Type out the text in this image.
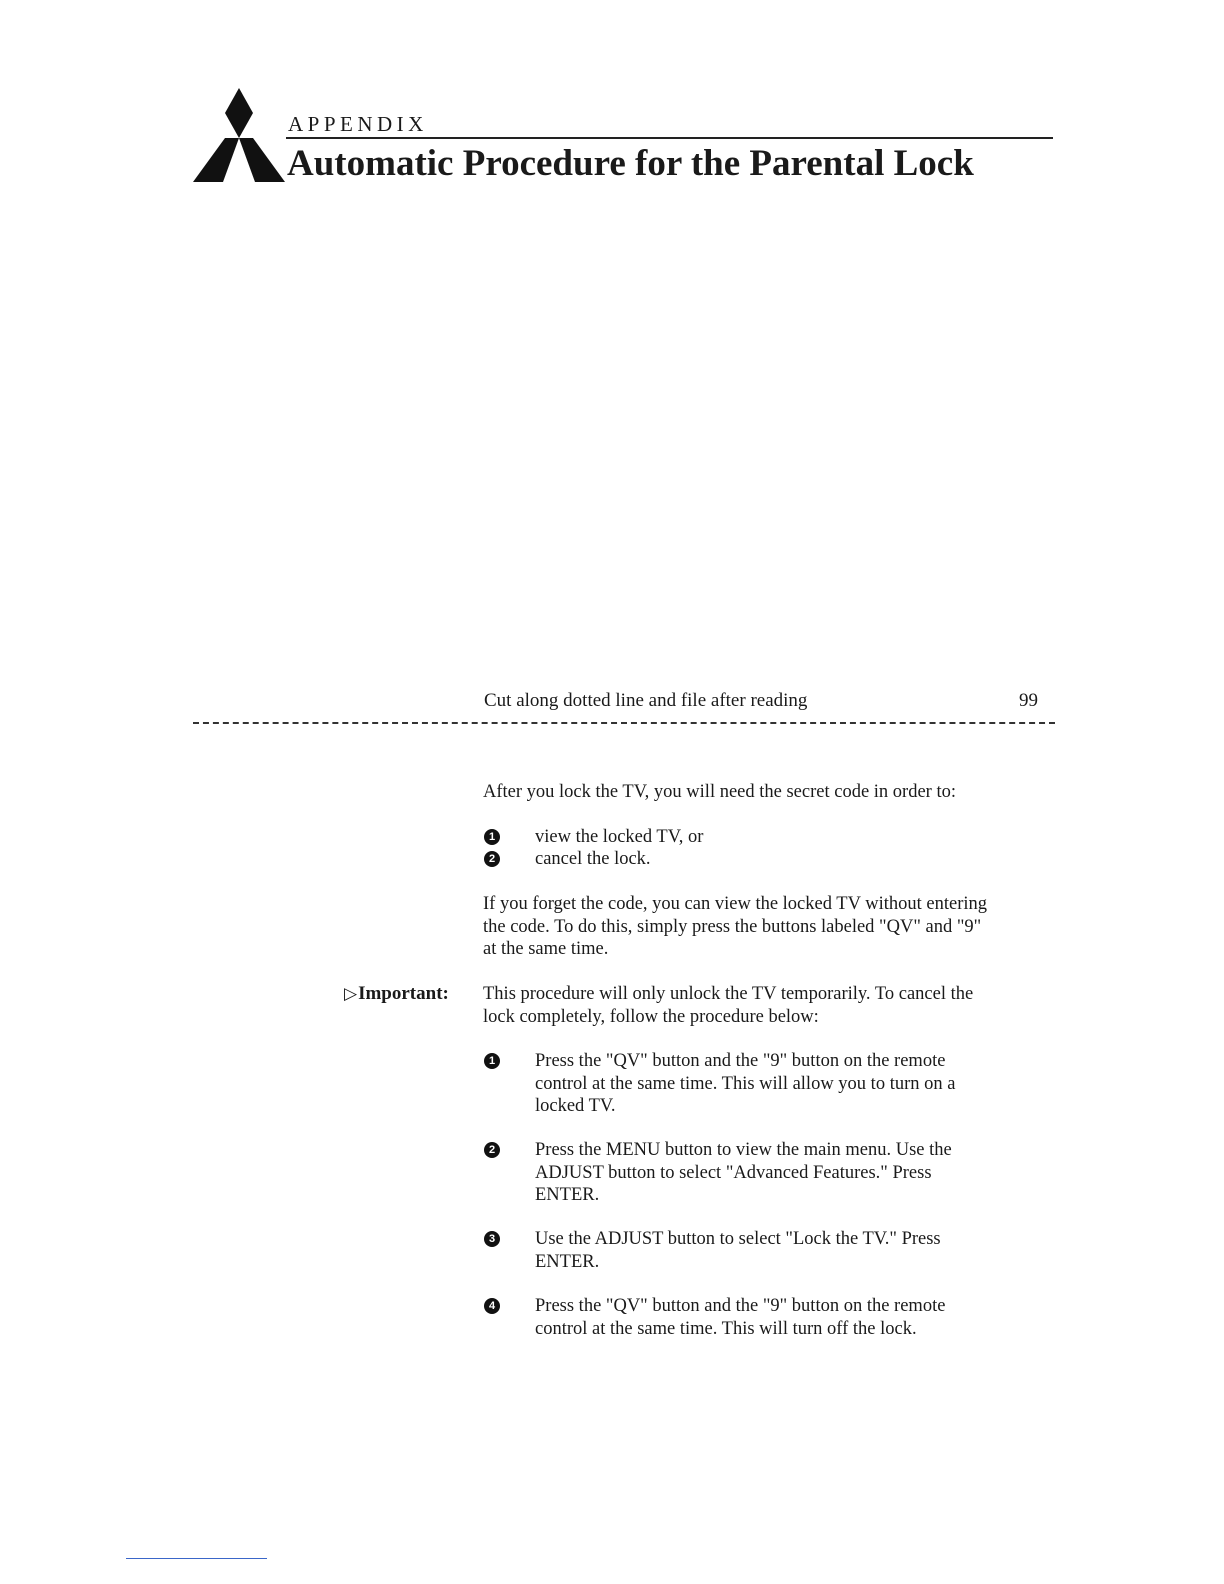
APPENDIX
Automatic Procedure for the Parental Lock
Cut along dotted line and file after reading	99
After you lock the TV, you will need the secret code in order to:
1 view the locked TV, or
2 cancel the lock.
If you forget the code, you can view the locked TV without entering
the code. To do this, simply press the buttons labeled "QV" and "9"
at the same time.
▷Important: This procedure will only unlock the TV temporarily. To cancel the
lock completely, follow the procedure below:
1 Press the "QV" button and the "9" button on the remote
control at the same time. This will allow you to turn on a
locked TV.
2 Press the MENU button to view the main menu. Use the
ADJUST button to select "Advanced Features." Press
ENTER.
3 Use the ADJUST button to select "Lock the TV." Press
ENTER.
4 Press the "QV" button and the "9" button on the remote
control at the same time. This will turn off the lock.
